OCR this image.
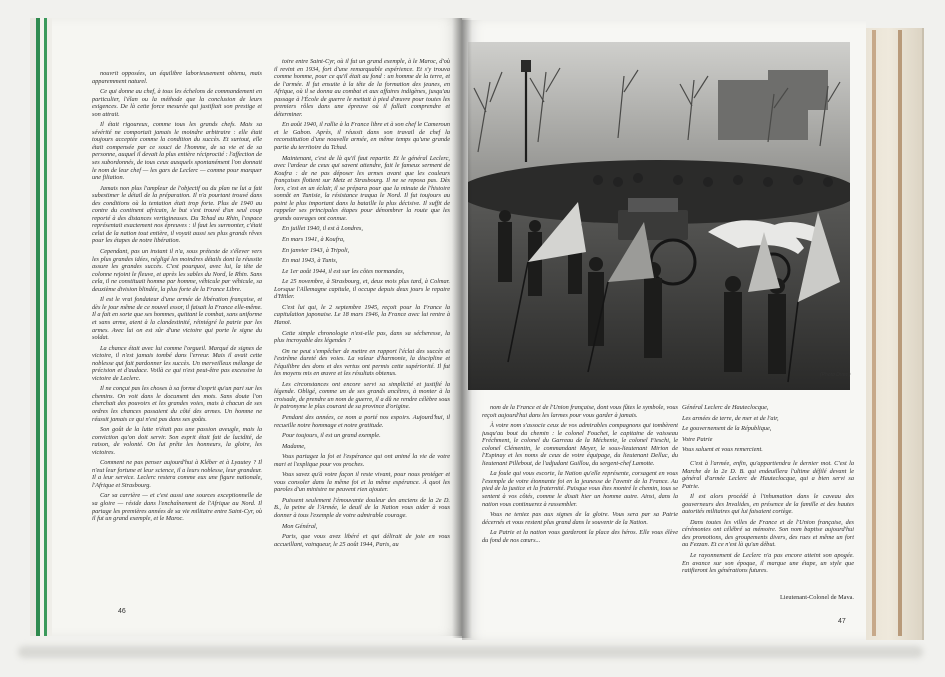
nouvrit opposées, un équilibre laborieusement obtenu, mais apparemment naturel.

Ce qui donne au chef, à tous les échelons de commandement en particulier, l'élan ou la méthode que la conclusion de leurs exigences. De là cette force mesurée qui justifiait son prestige et son attrait.

Il était rigoureux, comme tous les grands chefs. Mais sa sévérité ne comportait jamais le moindre arbitraire : elle était toujours acceptée comme la condition du succès. Et surtout, elle était compensée par ce souci de l'homme, de sa vie et de sa personne, auquel il devait la plus entière réciprocité : l'affection de ses subordonnés, de tous ceux auxquels spontanément l'on donnait le nom de leur chef — les gars de Leclerc — comme pour marquer une filiation.

Jamais non plus l'ampleur de l'objectif ou du plan ne lui a fait subestimer le détail de la préparation. Il n'a pourtant trouvé dans des conditions où la tentation était trop forte. Plus de 1940 au contre du continent africain, le but s'est trouvé d'un seul coup reporté à des distances vertigineuses. Du Tchad au Rhin, l'espace représentait exactement nos épreuves : il faut les surmonter, c'était celui de la nation tout entière, il voyait aussi ses plus grands rêves pour les étapes de notre libération.

Cependant, pas un instant il n'a, sous prétexte de s'élever vers les plus grandes idées, négligé les moindres détails dont la réussite assure les grandes succès. C'est pourquoi, avec lui, la tête de colonne rejoint le fleuve, et après les sables du Nord, le Rhin. Sans cela, il ne constituait homme par homme, véhicule par véhicule, sa deuxième division blindée, la plus forte de la France Libre.

Il est le vrai fondateur d'une armée de libération française, et dès le jour même de ce nouvel essor, il faisait la France elle-même. Il a fait en sorte que ses hommes, quittant le combat, sans uniforme et sans arme, aient à la clandestinité, réintégré la patrie par les armes. Avec lui on est sûr d'une victoire qui porte le signe du soldat.

La chance était avec lui comme l'orgueil. Marqué de signes de victoire, il n'est jamais tombé dans l'erreur. Mais il avait cette noblesse qui fait pardonner les succès. Un merveilleux mélange de précision et d'audace. Voilà ce qui n'est peut-être pas excessive la victoire de Leclerc.

Il ne conçut pas les choses à sa forme d'esprit qu'un pari sur les chemins. On voit dans le document des mots. Sans doute l'on cherchait des pouvoirs et les grandes voies, mais à chacun de ses ordres les chances passaient du côté des armes. Un homme ne réussit jamais ce qui n'est pas dans ses goûts.

Son goût de la lutte n'était pas une passion aveugle, mais la conviction qu'on doit servir. Son esprit était fait de lucidité, de raison, de volonté. On lui prête les honneurs, la gloire, les victoires.

Comment ne pas penser aujourd'hui à Kléber et à Lyautey ? Il n'eut leur fortune et leur science, il a leurs noblesse, leur grandeur. Il a leur service. Leclerc restera comme eux une figure nationale, l'Afrique et Strasbourg.

Car sa carrière — et c'est aussi une sources exceptionnelle de sa gloire — réside dans l'enchaînement de l'Afrique au Nord. Il partage les premières années de sa vie militaire entre Saint-Cyr, où il fut un grand exemple, et le Maroc.

toire entre Saint-Cyr, où il fut un grand exemple, à le Maroc, d'où il revint en 1934, fort d'une remarquable expérience. Et s'y trouva comme homme, pour ce qu'il était au fond : un homme de la terre, et de l'armée. Il fut ensuite à la tête de la formation des jeunes, en Afrique, où il se donna au combat et aux affaires indigènes, jusqu'au passage à l'École de guerre le mettait à pied d'œuvre pour toutes les premiers rôles dans une épreuve où il fallait comprendre et déterminer.

En août 1940, il rallie à la France libre et à son chef le Cameroun et le Gabon. Après, il réussit dans son travail de chef la reconstitution d'une nouvelle armée, en même temps qu'une grande partie du territoire du Tchad.

Maintenant, c'est de là qu'il faut repartir. Et le général Leclerc, avec l'ardeur de ceux qui savent attendre, fait le fameux serment de Koufra : de ne pas déposer les armes avant que les couleurs françaises flottent sur Metz et Strasbourg. Il ne se reposa pas. Dès lors, c'est en un éclair, il se prépara pour que la minute de l'histoire sonnât en Tunisie, la résistance traqua le Nord. Il fut toujours au point le plus important dans la bataille la plus décisive. Il suffit de rappeler ses principales étapes pour dénombrer la route que les grands ouvrages ont connue.

En juillet 1940, il est à Londres,

En mars 1941, à Koufra,

En janvier 1943, à Tripoli,

En mai 1943, à Tunis,

Le 1er août 1944, il est sur les côtes normandes,

Le 25 novembre, à Strasbourg, et, deux mois plus tard, à Colmar. Lorsque l'Allemagne capitule, il occupe depuis deux jours le repaire d'Hitler.

C'est lui qui, le 2 septembre 1945, reçoit pour la France la capitulation japonaise. Le 18 mars 1946, la France avec lui rentre à Hanoï.

Cette simple chronologie n'est-elle pas, dans sa sécheresse, la plus incroyable des légendes ?

On ne peut s'empêcher de mettre en rapport l'éclat des succès et l'extrême dureté des voies. La valeur d'harmonie, la discipline et l'équilibre des dons et des vertus ont permis cette supériorité. Il fut les moyens mis en œuvre et les résultats obtenus.

Les circonstances ont encore servi sa simplicité et justifié la légende. Obligé, comme un de ses grands ancêtres, à monter à la croisade, de prendre un nom de guerre, il a dû ne rendre célèbre sous le patronyme le plus courant de sa province d'origine.

Pendant des années, ce nom a porté nos espoirs. Aujourd'hui, il recueille notre hommage et notre gratitude.

Pour toujours, il est un grand exemple.

Madame,

Vous partagez la foi et l'espérance qui ont animé la vie de votre mari et l'explique pour vos proches.

Vous savez qu'à votre façon il reste vivant, pour nous protéger et vous consoler dans la même foi et la même espérance. À quoi les paroles d'un ministre ne peuvent rien ajouter.

Puissent seulement l'émouvante douleur des anciens de la 2e D. B., la peine de l'Armée, le deuil de la Nation vous aider à vous donner à tous l'exemple de votre admirable courage.

Mon Général,

Paris, que vous avez libéré et qui délirait de joie en vous accueillant, vainqueur, le 25 août 1944, Paris, au

46
(Photo Draw.)

nom de la France et de l'Union française, dont vous fûtes le symbole, vous reçoit aujourd'hui dans les larmes pour vous garder à jamais.

À votre nom s'associe ceux de vos admirables compagnons qui tombèrent jusqu'au bout du chemin : le colonel Fouchet, le capitaine de vaisseau Fréchment, le colonel du Garreau de la Méchenie, le colonel Fieschi, le colonel Clémentin, le commandant Meyer, le sous-lieutenant Mirion de l'Espinay et les noms de ceux de votre équipage, du lieutenant Delluc, du lieutenant Pillebout, de l'adjudant Guillou, du sergent-chef Lamotte.

La foule qui vous escorte, la Nation qu'elle représente, corsagent en vous l'exemple de votre étonnante foi en la jeunesse de l'avenir de la France. Au pied de la justice et la fraternité. Puisque vous êtes montré le chemin, tous se sentent à vos côtés, comme le disait hier un homme autre. Ainsi, dans la nation vous continuerez à rassembler.

Vous ne teniez pas aux signes de la gloire. Vous sera par sa Patrie décernés et vous restent plus grand dans le souvenir de la Nation.

La Patrie et la nation vous garderont la place des héros. Elle vous élève du fond de nos cœurs...

Général Leclerc de Hauteclocque,

Les armées de terre, de mer et de l'air,

Le gouvernement de la République,

Votre Patrie

Vous saluent et vous remercient.

C'est à l'armée, enfin, qu'appartiendra le dernier mot. C'est la Marche de la 2e D. B. qui endeuillera l'ultime défilé devant le général d'armée Leclerc de Hauteclocque, qui a bien servi sa Patrie.

Il est alors procédé à l'inhumation dans le caveau des gouverneurs des Invalides, en présence de la famille et des hautes autorités militaires qui lui faisaient cortège.

Dans toutes les villes de France et de l'Union française, des cérémonies ont célébré sa mémoire. Son nom baptise aujourd'hui des promotions, des groupements divers, des rues et même un fort au Fezzan. Et ce n'est là qu'un début.

Le rayonnement de Leclerc n'a pas encore atteint son apogée. En avance sur son époque, il marque une étape, un style que ratifieront les générations futures.

Lieutenant-Colonel de Mava.
47
